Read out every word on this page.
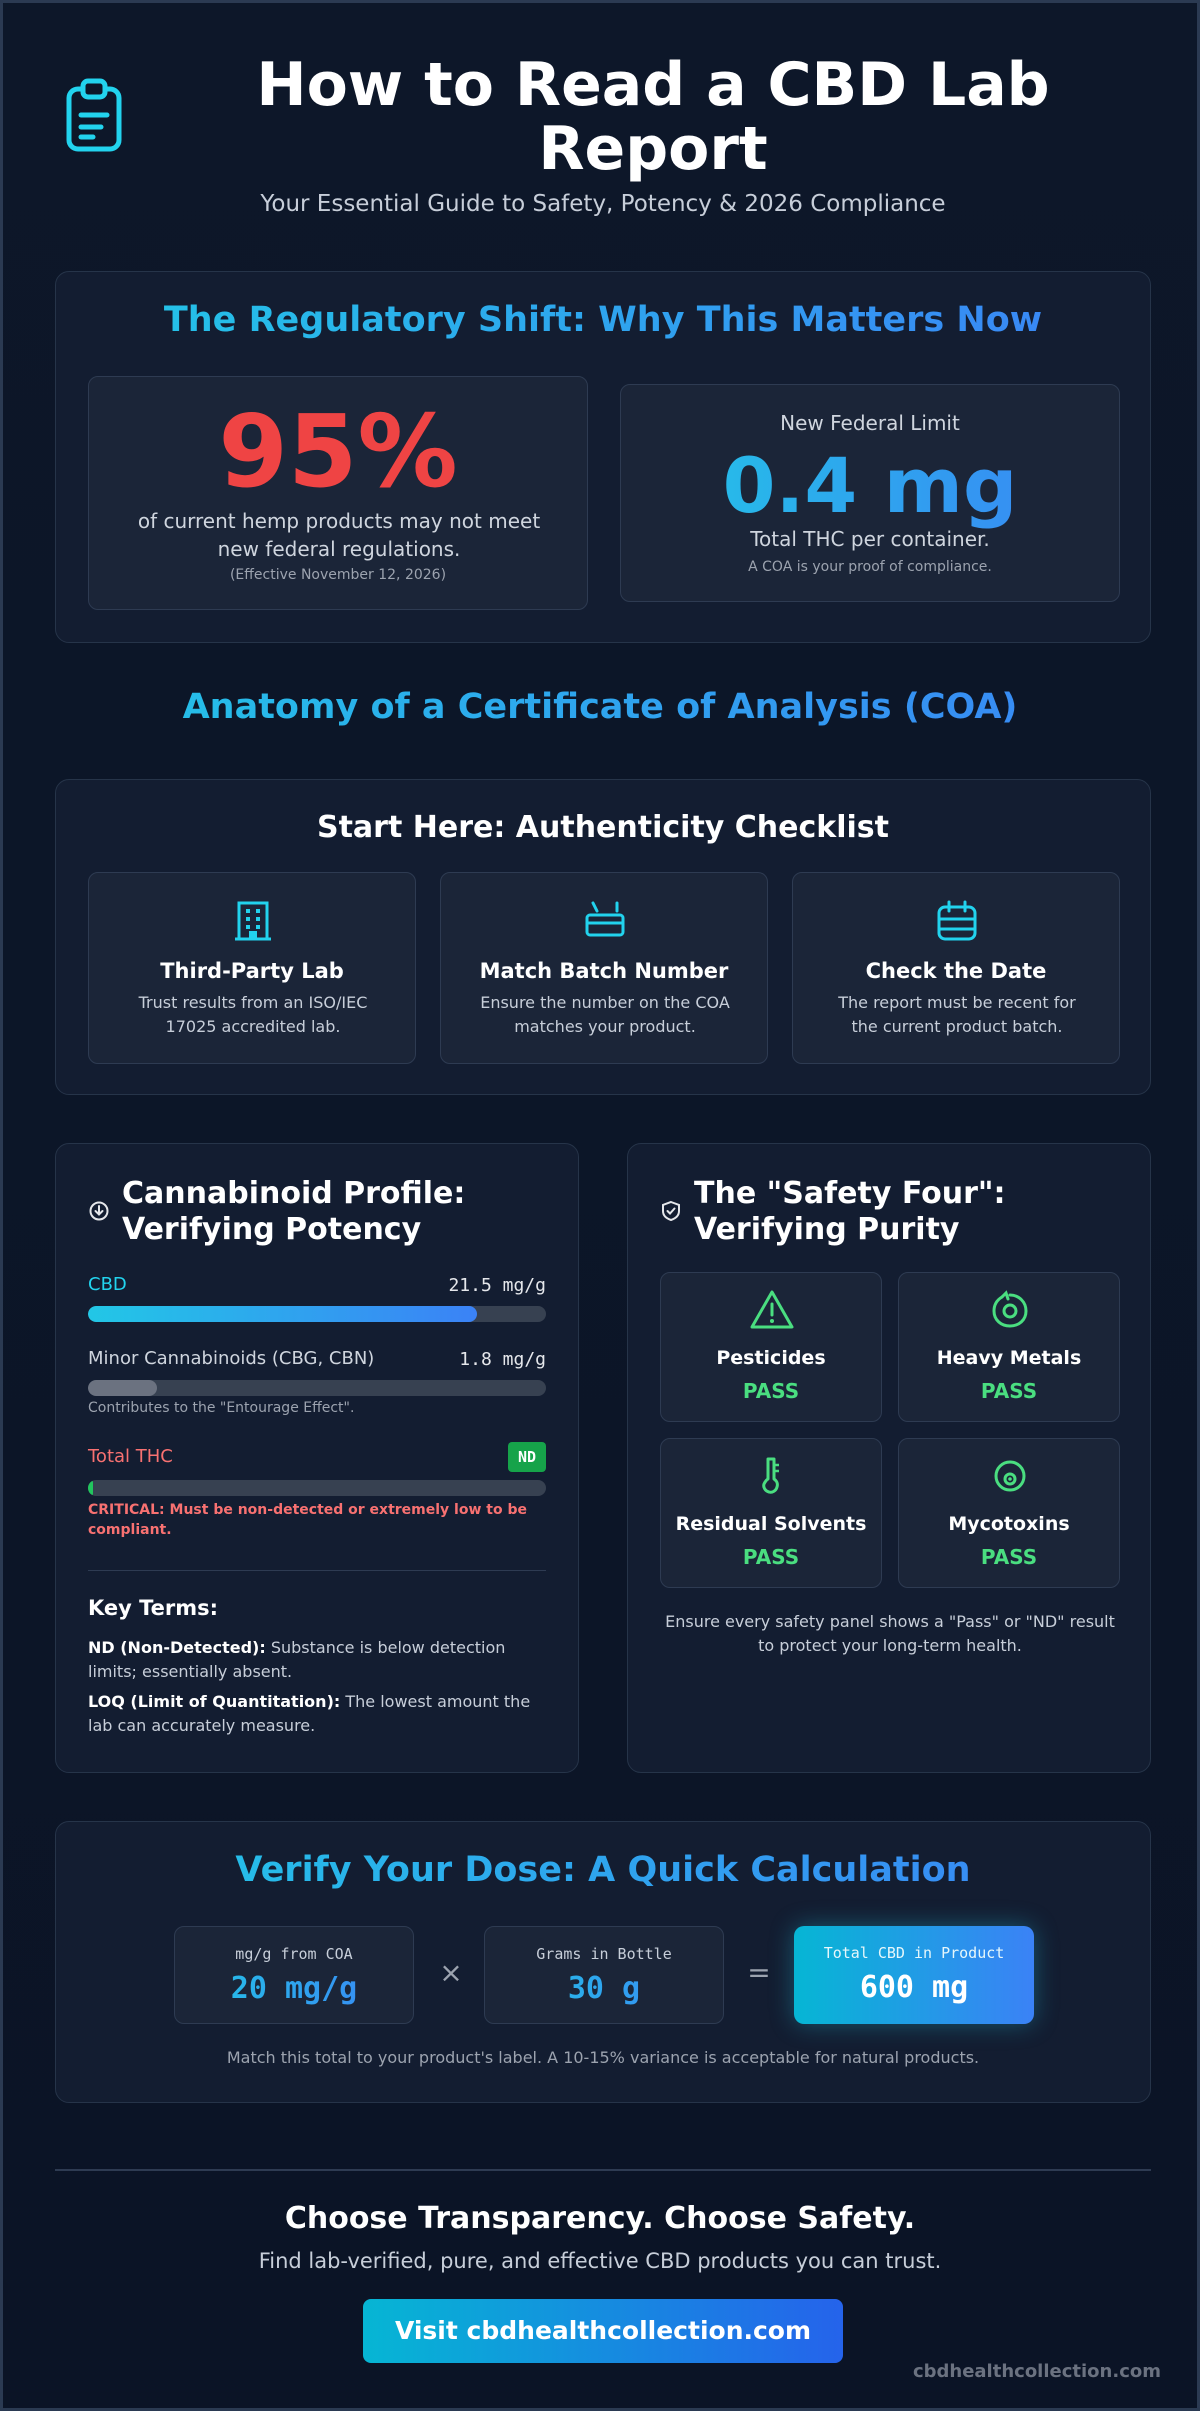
How to Read a CBD Lab Report
Your Essential Guide to Safety, Potency & 2026 Compliance
The Regulatory Shift: Why This Matters Now
95%
of current hemp products may not meet new federal regulations.
(Effective November 12, 2026)
New Federal Limit
0.4 mg
Total THC per container.
A COA is your proof of compliance.
Anatomy of a Certificate of Analysis (COA)
Start Here: Authenticity Checklist
Third-Party Lab
Trust results from an ISO/IEC 17025 accredited lab.
Match Batch Number
Ensure the number on the COA matches your product.
Check the Date
The report must be recent for the current product batch.
Cannabinoid Profile: Verifying Potency
CBD	21.5 mg/g
Minor Cannabinoids (CBG, CBN)	1.8 mg/g
Contributes to the "Entourage Effect".
Total THC	ND
CRITICAL: Must be non-detected or extremely low to be compliant.
Key Terms:
ND (Non-Detected): Substance is below detection limits; essentially absent.
LOQ (Limit of Quantitation): The lowest amount the lab can accurately measure.
The "Safety Four": Verifying Purity
Pesticides
PASS
Heavy Metals
PASS
Residual Solvents
PASS
Mycotoxins
PASS
Ensure every safety panel shows a "Pass" or "ND" result to protect your long-term health.
Verify Your Dose: A Quick Calculation
mg/g from COA
20 mg/g	×
Grams in Bottle
30 g	=
Total CBD in Product
600 mg
Match this total to your product's label. A 10-15% variance is acceptable for natural products.
Choose Transparency. Choose Safety.
Find lab-verified, pure, and effective CBD products you can trust.
Visit cbdhealthcollection.com
cbdhealthcollection.com
